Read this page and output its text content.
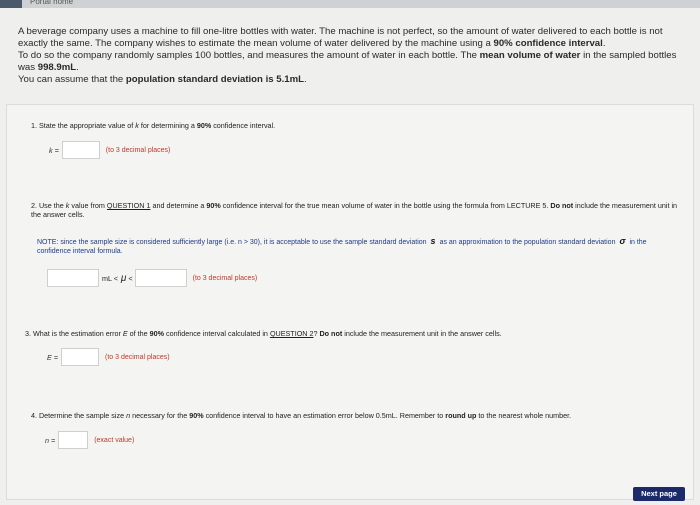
Portal home

A beverage company uses a machine to fill one-litre bottles with water. The machine is not perfect, so the amount of water delivered to each bottle is not exactly the same. The company wishes to estimate the mean volume of water delivered by the machine using a 90% confidence interval.

To do so the company randomly samples 100 bottles, and measures the amount of water in each bottle. The mean volume of water in the sampled bottles was 998.9mL.

You can assume that the population standard deviation is 5.1mL.

1. State the appropriate value of k for determining a 90% confidence interval.
k =	(to 3 decimal places)
2. Use the k value from QUESTION 1 and determine a 90% confidence interval for the true mean volume of water in the bottle using the formula from LECTURE 5. Do not include the measurement unit in the answer cells.
NOTE: since the sample size is considered sufficiently large (i.e. n > 30), it is acceptable to use the sample standard deviation s as an approximation to the population standard deviation σ in the confidence interval formula.
mL < μ <	(to 3 decimal places)
3. What is the estimation error E of the 90% confidence interval calculated in QUESTION 2? Do not include the measurement unit in the answer cells.
E =	(to 3 decimal places)
4. Determine the sample size n necessary for the 90% confidence interval to have an estimation error below 0.5mL. Remember to round up to the nearest whole number.
n =	(exact value)
Next page
